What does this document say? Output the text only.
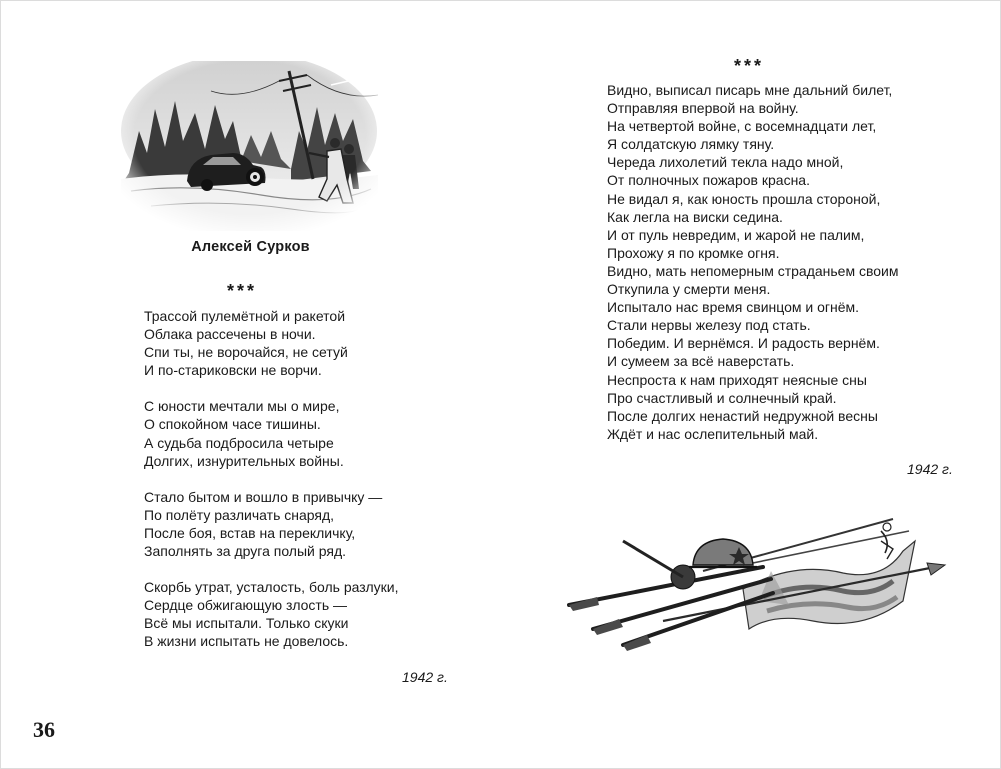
Алексей Сурков
***
Трассой пулемётной и ракетой
Облака рассечены в ночи.
Спи ты, не ворочайся, не сетуй
И по-стариковски не ворчи.
С юности мечтали мы о мире,
О спокойном часе тишины.
А судьба подбросила четыре
Долгих, изнурительных войны.
Стало бытом и вошло в привычку —
По полёту различать снаряд,
После боя, встав на перекличку,
Заполнять за друга полый ряд.
Скорбь утрат, усталость, боль разлуки,
Сердце обжигающую злость —
Всё мы испытали. Только скуки
В жизни испытать не довелось.
1942 г.
36
***
Видно, выписал писарь мне дальний билет,
Отправляя впервой на войну.
На четвертой войне, с восемнадцати лет,
Я солдатскую лямку тяну.
Череда лихолетий текла надо мной,
От полночных пожаров красна.
Не видал я, как юность прошла стороной,
Как легла на виски седина.
И от пуль невредим, и жарой не палим,
Прохожу я по кромке огня.
Видно, мать непомерным страданьем своим
Откупила у смерти меня.
Испытало нас время свинцом и огнём.
Стали нервы железу под стать.
Победим. И вернёмся. И радость вернём.
И сумеем за всё наверстать.
Неспроста к нам приходят неясные сны
Про счастливый и солнечный край.
После долгих ненастий недружной весны
Ждёт и нас ослепительный май.
1942 г.
